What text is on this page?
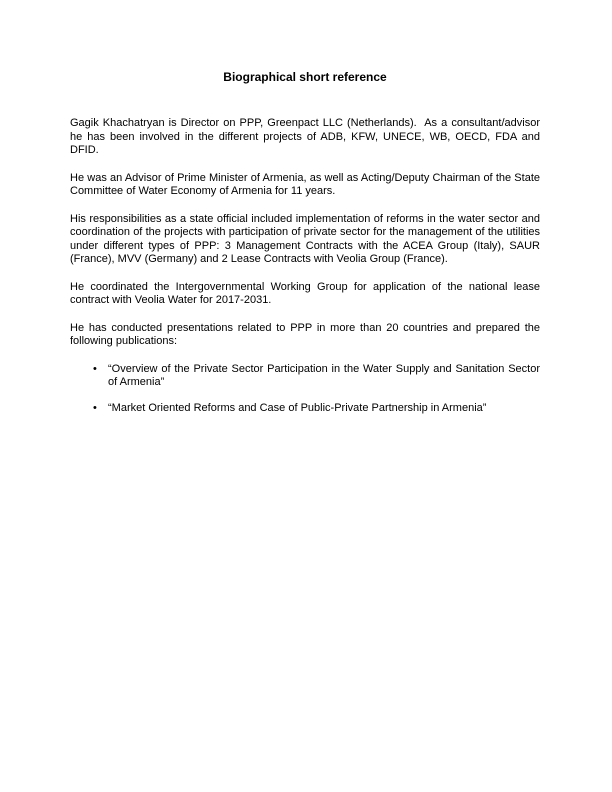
Biographical short reference

Gagik Khachatryan is Director on PPP, Greenpact LLC (Netherlands).  As a consultant/advisor he has been involved in the different projects of ADB, KFW, UNECE, WB, OECD, FDA and DFID.

He was an Advisor of Prime Minister of Armenia, as well as Acting/Deputy Chairman of the State Committee of Water Economy of Armenia for 11 years.

His responsibilities as a state official included implementation of reforms in the water sector and coordination of the projects with participation of private sector for the management of the utilities under different types of PPP: 3 Management Contracts with the ACEA Group (Italy), SAUR (France), MVV (Germany) and 2 Lease Contracts with Veolia Group (France).

He coordinated the Intergovernmental Working Group for application of the national lease contract with Veolia Water for 2017-2031.

He has conducted presentations related to PPP in more than 20 countries and prepared the following publications:

• “Overview of the Private Sector Participation in the Water Supply and Sanitation Sector of Armenia”
• “Market Oriented Reforms and Case of Public-Private Partnership in Armenia”
